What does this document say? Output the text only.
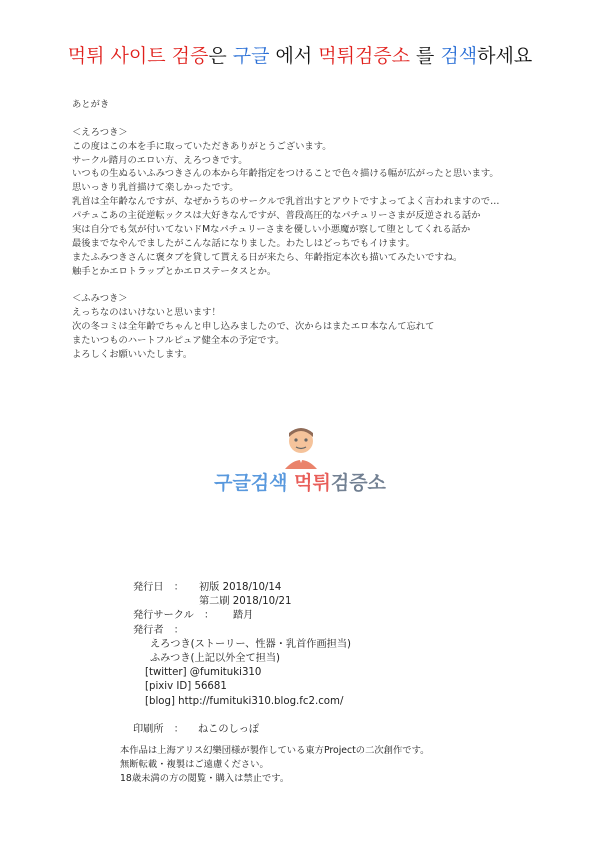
먹튀 사이트 검증은 구글 에서 먹튀검증소 를 검색하세요
あとがき
＜えろつき＞
この度はこの本を手に取っていただきありがとうございます。
サークル踏月のエロい方、えろつきです。
いつもの生ぬるいふみつきさんの本から年齢指定をつけることで色々描ける幅が広がったと思います。
思いっきり乳首描けて楽しかったです。
乳首は全年齢なんですが、なぜかうちのサークルで乳首出すとアウトですよってよく言われますので…
パチュこあの主従逆転ックスは大好きなんですが、普段高圧的なパチュリーさまが反逆される話か
実は自分でも気が付いてないドMなパチュリーさまを優しい小悪魔が察して堕としてくれる話か
最後までなやんでましたがこんな話になりました。わたしはどっちでもイけます。
またふみつきさんに褒タブを貸して貰える日が来たら、年齢指定本次も描いてみたいですね。
触手とかエロトラップとかエロステータスとか。
＜ふみつき＞
えっちなのはいけないと思います！
次の冬コミは全年齢でちゃんと申し込みましたので、次からはまたエロ本なんて忘れて
またいつものハートフルピュア健全本の予定です。
よろしくお願いいたします。
구글검색 먹튀검증소
発行日　： 初版 2018/10/14
第二刷 2018/10/21
発行サークル　： 踏月
発行者　：
えろつき(ストーリー、性器・乳首作画担当)
ふみつき(上記以外全て担当)
[twitter] @fumituki310
[pixiv ID] 56681
[blog] http://fumituki310.blog.fc2.com/
印刷所　： ねこのしっぽ
本作品は上海アリス幻樂団様が製作している東方Projectの二次創作です。
無断転載・複製はご遠慮ください。
18歳未満の方の閲覧・購入は禁止です。
